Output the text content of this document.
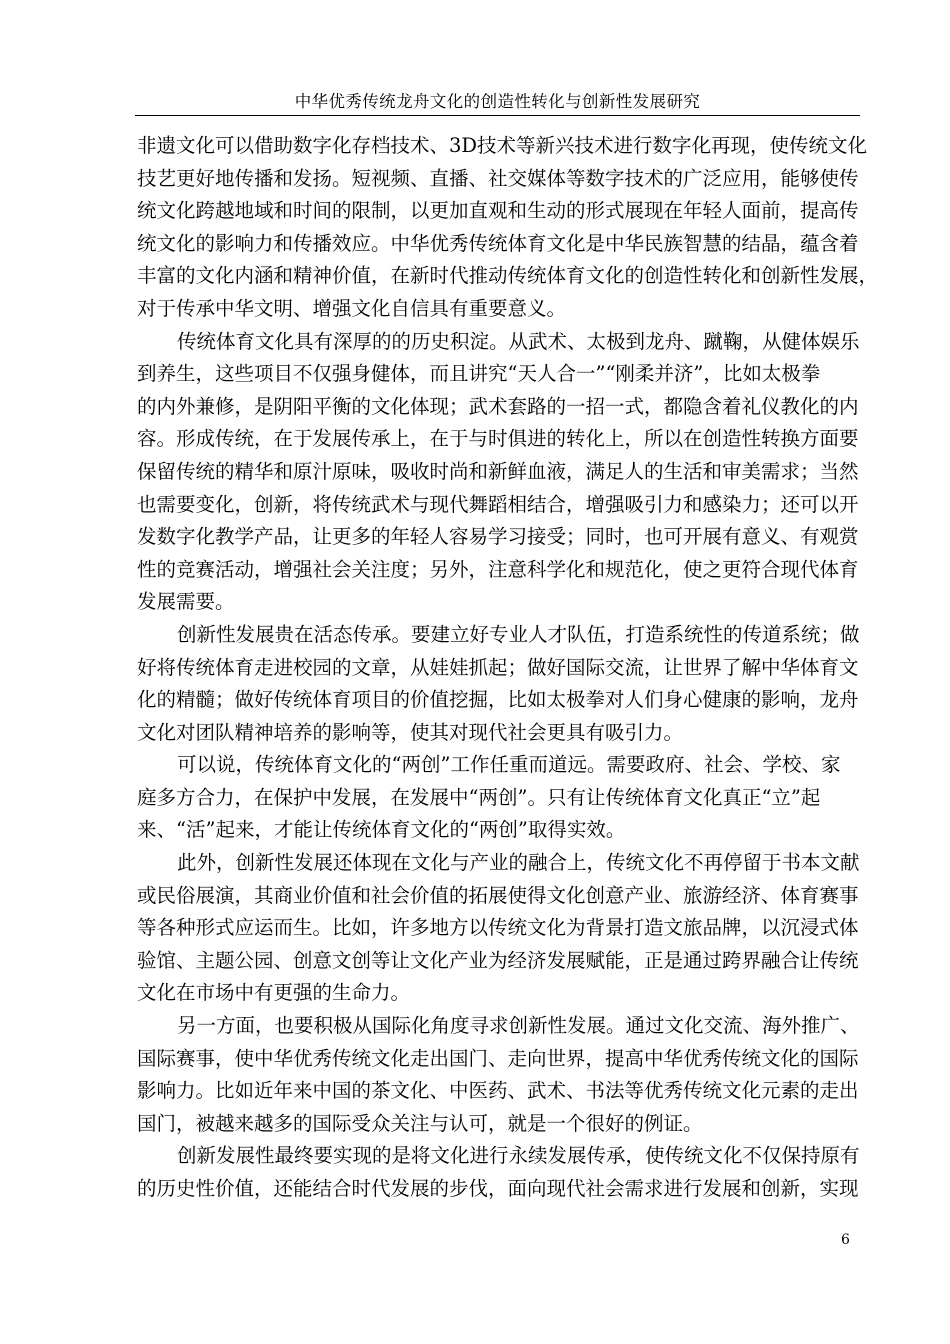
中华优秀传统龙舟文化的创造性转化与创新性发展研究
非遗文化可以借助数字化存档技术、3D技术等新兴技术进行数字化再现，使传统文化
技艺更好地传播和发扬。短视频、直播、社交媒体等数字技术的广泛应用，能够使传
统文化跨越地域和时间的限制，以更加直观和生动的形式展现在年轻人面前，提高传
统文化的影响力和传播效应。中华优秀传统体育文化是中华民族智慧的结晶，蕴含着
丰富的文化内涵和精神价值，在新时代推动传统体育文化的创造性转化和创新性发展，
对于传承中华文明、增强文化自信具有重要意义。
传统体育文化具有深厚的的历史积淀。从武术、太极到龙舟、蹴鞠，从健体娱乐
到养生，这些项目不仅强身健体，而且讲究“天人合一”“刚柔并济”，比如太极拳
的内外兼修，是阴阳平衡的文化体现；武术套路的一招一式，都隐含着礼仪教化的内
容。形成传统，在于发展传承上，在于与时俱进的转化上，所以在创造性转换方面要
保留传统的精华和原汁原味，吸收时尚和新鲜血液，满足人的生活和审美需求；当然
也需要变化，创新，将传统武术与现代舞蹈相结合，增强吸引力和感染力；还可以开
发数字化教学产品，让更多的年轻人容易学习接受；同时，也可开展有意义、有观赏
性的竞赛活动，增强社会关注度；另外，注意科学化和规范化，使之更符合现代体育
发展需要。
创新性发展贵在活态传承。要建立好专业人才队伍，打造系统性的传道系统；做
好将传统体育走进校园的文章，从娃娃抓起；做好国际交流，让世界了解中华体育文
化的精髓；做好传统体育项目的价值挖掘，比如太极拳对人们身心健康的影响，龙舟
文化对团队精神培养的影响等，使其对现代社会更具有吸引力。
可以说，传统体育文化的“两创”工作任重而道远。需要政府、社会、学校、家
庭多方合力，在保护中发展，在发展中“两创”。只有让传统体育文化真正“立”起
来、“活”起来，才能让传统体育文化的“两创”取得实效。
此外，创新性发展还体现在文化与产业的融合上，传统文化不再停留于书本文献
或民俗展演，其商业价值和社会价值的拓展使得文化创意产业、旅游经济、体育赛事
等各种形式应运而生。比如，许多地方以传统文化为背景打造文旅品牌，以沉浸式体
验馆、主题公园、创意文创等让文化产业为经济发展赋能，正是通过跨界融合让传统
文化在市场中有更强的生命力。
另一方面，也要积极从国际化角度寻求创新性发展。通过文化交流、海外推广、
国际赛事，使中华优秀传统文化走出国门、走向世界，提高中华优秀传统文化的国际
影响力。比如近年来中国的茶文化、中医药、武术、书法等优秀传统文化元素的走出
国门，被越来越多的国际受众关注与认可，就是一个很好的例证。
创新发展性最终要实现的是将文化进行永续发展传承，使传统文化不仅保持原有
的历史性价值，还能结合时代发展的步伐，面向现代社会需求进行发展和创新，实现
6
